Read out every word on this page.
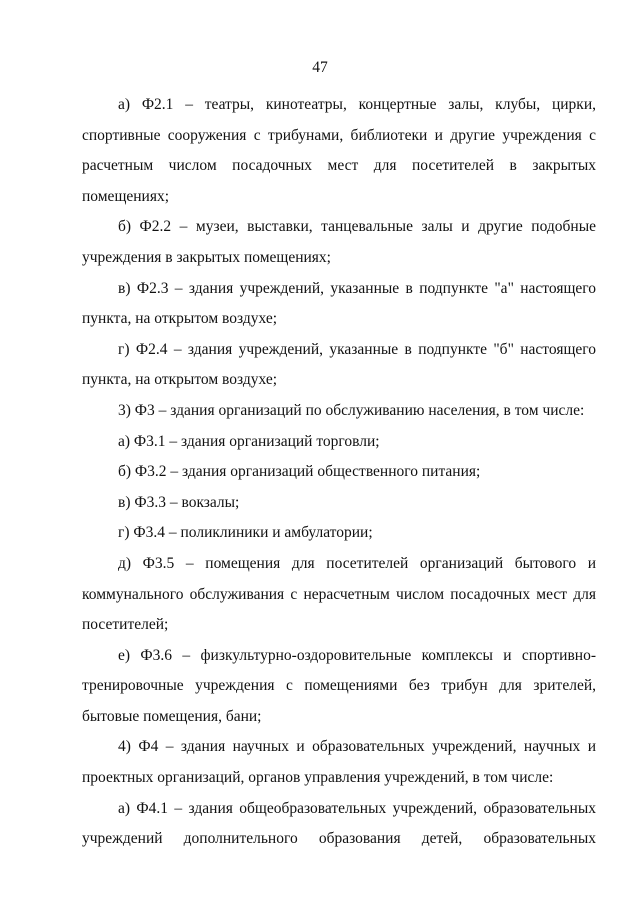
47

а) Ф2.1 – театры, кинотеатры, концертные залы, клубы, цирки, спортивные сооружения с трибунами, библиотеки и другие учреждения с расчетным числом посадочных мест для посетителей в закрытых помещениях;

б) Ф2.2 – музеи, выставки, танцевальные залы и другие подобные учреждения в закрытых помещениях;

в) Ф2.3 – здания учреждений, указанные в подпункте "а" настоящего пункта, на открытом воздухе;

г) Ф2.4 – здания учреждений, указанные в подпункте "б" настоящего пункта, на открытом воздухе;

3) Ф3 – здания организаций по обслуживанию населения, в том числе:

а) Ф3.1 – здания организаций торговли;

б) Ф3.2 – здания организаций общественного питания;

в) Ф3.3 – вокзалы;

г) Ф3.4 – поликлиники и амбулатории;

д) Ф3.5 – помещения для посетителей организаций бытового и коммунального обслуживания с нерасчетным числом посадочных мест для посетителей;

е) Ф3.6 – физкультурно-оздоровительные комплексы и спортивно-тренировочные учреждения с помещениями без трибун для зрителей, бытовые помещения, бани;

4) Ф4 – здания научных и образовательных учреждений, научных и проектных организаций, органов управления учреждений, в том числе:

а) Ф4.1 – здания общеобразовательных учреждений, образовательных учреждений дополнительного образования детей, образовательных
